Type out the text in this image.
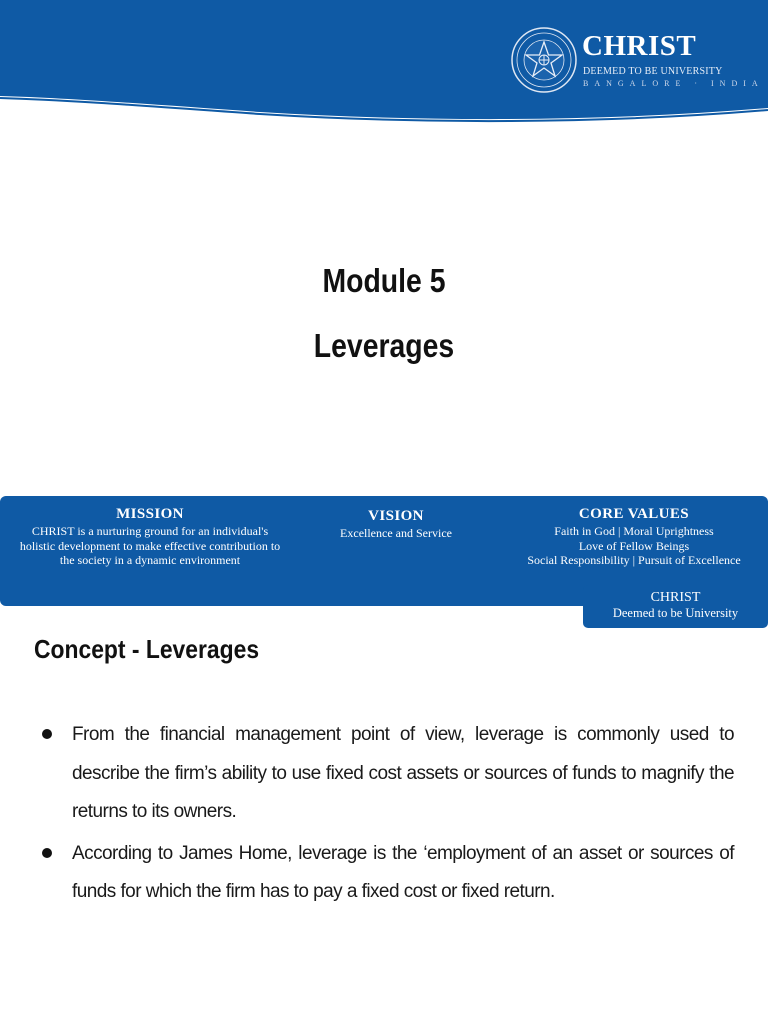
CHRIST
DEEMED TO BE UNIVERSITY
BANGALORE · INDIA
Module 5
Leverages
MISSION

CHRIST is a nurturing ground for an individual's

holistic development to make effective contribution to

the society in a dynamic environment

VISION

Excellence and Service

CORE VALUES

Faith in God | Moral Uprightness

Love of Fellow Beings

Social Responsibility | Pursuit of Excellence

CHRIST
Deemed to be University
Concept - Leverages
From the financial management point of view, leverage is commonly used to describe the firm’s ability to use fixed cost assets or sources of funds to magnify the returns to its owners.
According to James Home, leverage is the ‘employment of an asset or sources of funds for which the firm has to pay a fixed cost or fixed return.
